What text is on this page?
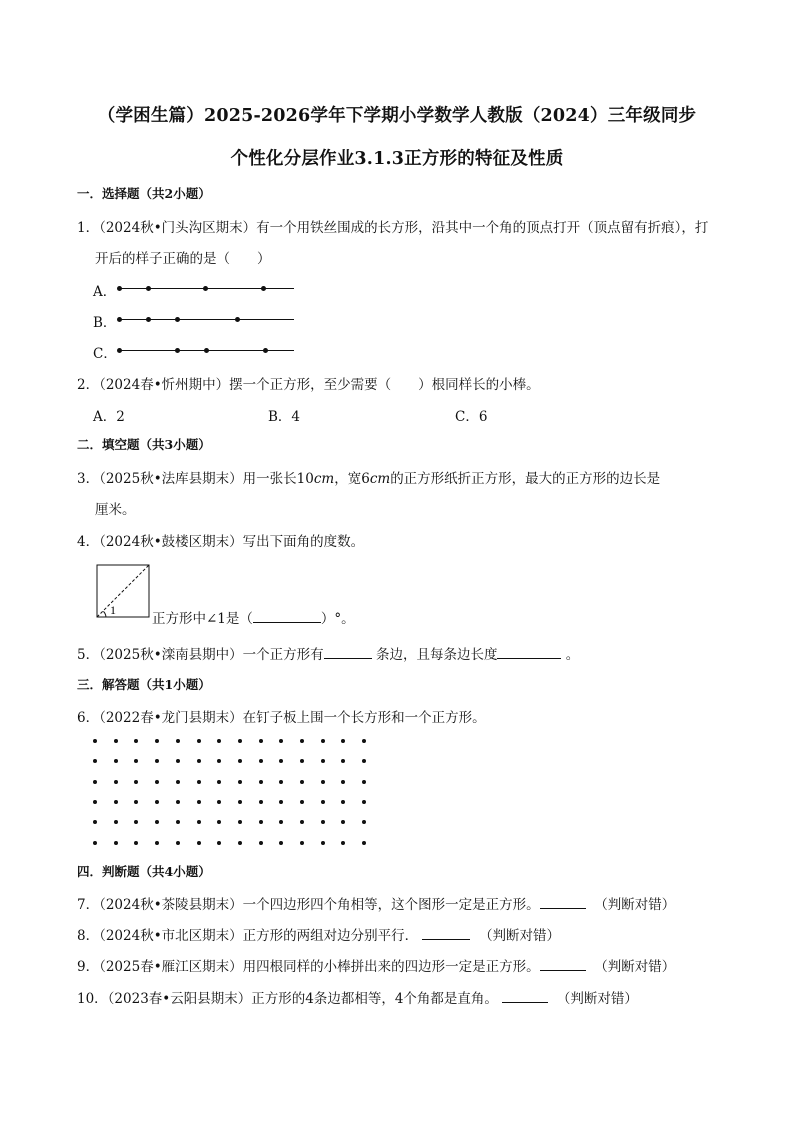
（学困生篇）2025-2026学年下学期小学数学人教版（2024）三年级同步
个性化分层作业3.1.3正方形的特征及性质
一．选择题（共2小题）
1．（2024秋•门头沟区期末）有一个用铁丝围成的长方形，沿其中一个角的顶点打开（顶点留有折痕），打
开后的样子正确的是（　　）
A．
B．
C．
2．（2024春•忻州期中）摆一个正方形，至少需要（　　）根同样长的小棒。
A．2	B．4	C．6
二．填空题（共3小题）
3．（2025秋•法库县期末）用一张长10cm，宽6cm的正方形纸折正方形，最大的正方形的边长是
厘米。
4．（2024秋•鼓楼区期末）写出下面角的度数。
1
正方形中∠1是（	）°。
5．（2025秋•滦南县期中）一个正方形有	条边，且每条边长度	。
三．解答题（共1小题）
6．（2022春•龙门县期末）在钉子板上围一个长方形和一个正方形。
四．判断题（共4小题）
7．（2024秋•茶陵县期末）一个四边形四个角相等，这个图形一定是正方形。	（判断对错）
8．（2024秋•市北区期末）正方形的两组对边分别平行．	（判断对错）
9．（2025春•雁江区期末）用四根同样的小棒拼出来的四边形一定是正方形。	（判断对错）
10．（2023春•云阳县期末）正方形的4条边都相等，4个角都是直角。	（判断对错）
